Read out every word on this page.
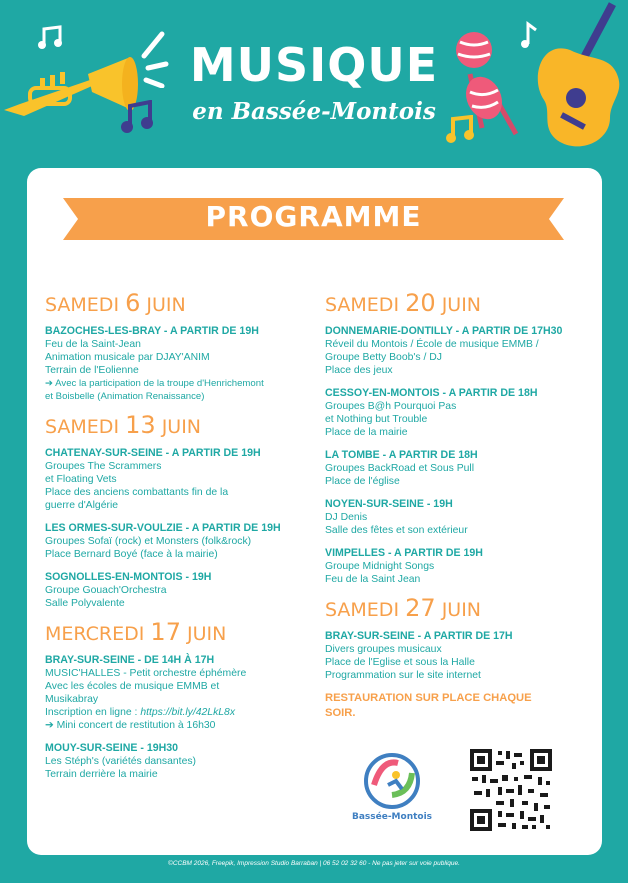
MUSIQUE
en Bassée-Montois
PROGRAMME
SAMEDI 6 JUIN
BAZOCHES-LES-BRAY - A PARTIR DE 19H
Feu de la Saint-Jean
Animation musicale par DJAY'ANIM
Terrain de l'Eolienne
➔ Avec la participation de la troupe d'Henrichemont
et Boisbelle (Animation Renaissance)
SAMEDI 13 JUIN
CHATENAY-SUR-SEINE - A PARTIR DE 19H
Groupes The Scrammers
et Floating Vets
Place des anciens combattants fin de la
guerre d'Algérie
LES ORMES-SUR-VOULZIE - A PARTIR DE 19H
Groupes Sofaï (rock) et Monsters (folk&rock)
Place Bernard Boyé (face à la mairie)
SOGNOLLES-EN-MONTOIS - 19H
Groupe Gouach'Orchestra
Salle Polyvalente
MERCREDI 17 JUIN
BRAY-SUR-SEINE - DE 14H À 17H
MUSIC'HALLES - Petit orchestre éphémère
Avec les écoles de musique EMMB et
Musikabray
Inscription en ligne : https://bit.ly/42LkL8x
➔ Mini concert de restitution à 16h30
MOUY-SUR-SEINE - 19H30
Les Stéph's (variétés dansantes)
Terrain derrière la mairie
SAMEDI 20 JUIN
DONNEMARIE-DONTILLY - A PARTIR DE 17H30
Réveil du Montois / École de musique EMMB /
Groupe Betty Boob's / DJ
Place des jeux
CESSOY-EN-MONTOIS - A PARTIR DE 18H
Groupes B@h Pourquoi Pas
et Nothing but Trouble
Place de la mairie
LA TOMBE - A PARTIR DE 18H
Groupes BackRoad et Sous Pull
Place de l'église
NOYEN-SUR-SEINE - 19H
DJ Denis
Salle des fêtes et son extérieur
VIMPELLES - A PARTIR DE 19H
Groupe Midnight Songs
Feu de la Saint Jean
SAMEDI 27 JUIN
BRAY-SUR-SEINE - A PARTIR DE 17H
Divers groupes musicaux
Place de l'Eglise et sous la Halle
Programmation sur le site internet
RESTAURATION SUR PLACE CHAQUE
SOIR.
Bassée-Montois
©CCBM 2026, Freepik, Impression Studio Barraban | 06 52 02 32 60 - Ne pas jeter sur voie publique.
